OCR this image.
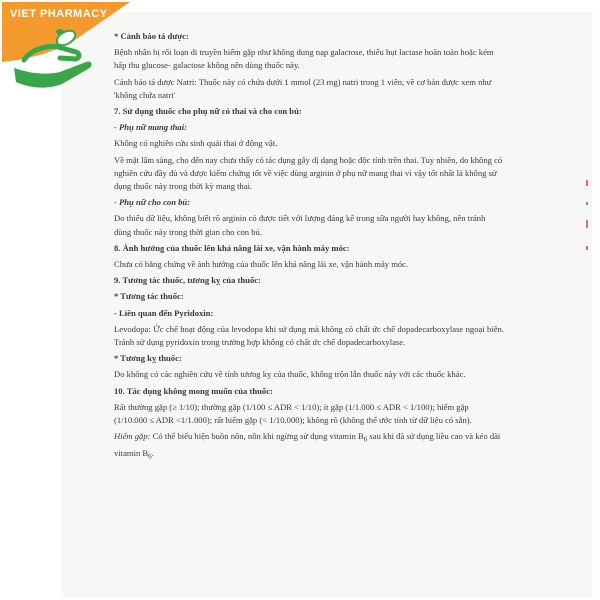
VIET PHARMACY

* Cảnh báo tá dược:

Bệnh nhân bị rối loạn di truyền hiếm gặp như không dung nạp galactose, thiếu hụt lactase hoàn toàn hoặc kém hấp thu glucose- galactose không nên dùng thuốc này.

Cảnh báo tá dược Natri: Thuốc này có chứa dưới 1 mmol (23 mg) natri trong 1 viên, về cơ bản được xem như 'không chứa natri'

7. Sử dụng thuốc cho phụ nữ có thai và cho con bú:

- Phụ nữ mang thai:

Không có nghiên cứu sinh quái thai ở động vật.

Về mặt lâm sàng, cho đến nay chưa thấy có tác dụng gây dị dạng hoặc độc tính trên thai. Tuy nhiên, do không có nghiên cứu đầy đủ và được kiểm chứng tốt về việc dùng arginin ở phụ nữ mang thai vì vậy tốt nhất là không sử dụng thuốc này trong thời kỳ mang thai.

- Phụ nữ cho con bú:

Do thiếu dữ liệu, không biết rõ arginin có được tiết với lượng đáng kể trong sữa người hay không, nên tránh dùng thuốc này trong thời gian cho con bú.

8. Ảnh hưởng của thuốc lên khả năng lái xe, vận hành máy móc:

Chưa có bằng chứng về ảnh hưởng của thuốc lên khả năng lái xe, vận hành máy móc.

9. Tương tác thuốc, tương kỵ của thuốc:

* Tương tác thuốc:

- Liên quan đến Pyridoxin:

Levodopa: Ức chế hoạt động của levodopa khi sử dụng mà không có chất ức chế dopadecarboxylase ngoại biên. Tránh sử dụng pyridoxin trong trường hợp không có chất ức chế dopadecarboxylase.

* Tương kỵ thuốc:

Do không có các nghiên cứu về tính tương kỵ của thuốc, không trộn lẫn thuốc này với các thuốc khác.

10. Tác dụng không mong muốn của thuốc:

Rất thường gặp (≥ 1/10); thường gặp (1/100 ≤ ADR < 1/10); ít gặp (1/1.000 ≤ ADR < 1/100); hiếm gặp (1/10.000 ≤ ADR <1/1.000); rất hiếm gặp (< 1/10.000); không rõ (không thể ước tính từ dữ liệu có sẵn).

Hiếm gặp: Có thể biểu hiện buồn nôn, nôn khi ngừng sử dụng vitamin $B_6$ sau khi đã sử dụng liều cao và kéo dài vitamin $B_6$.
